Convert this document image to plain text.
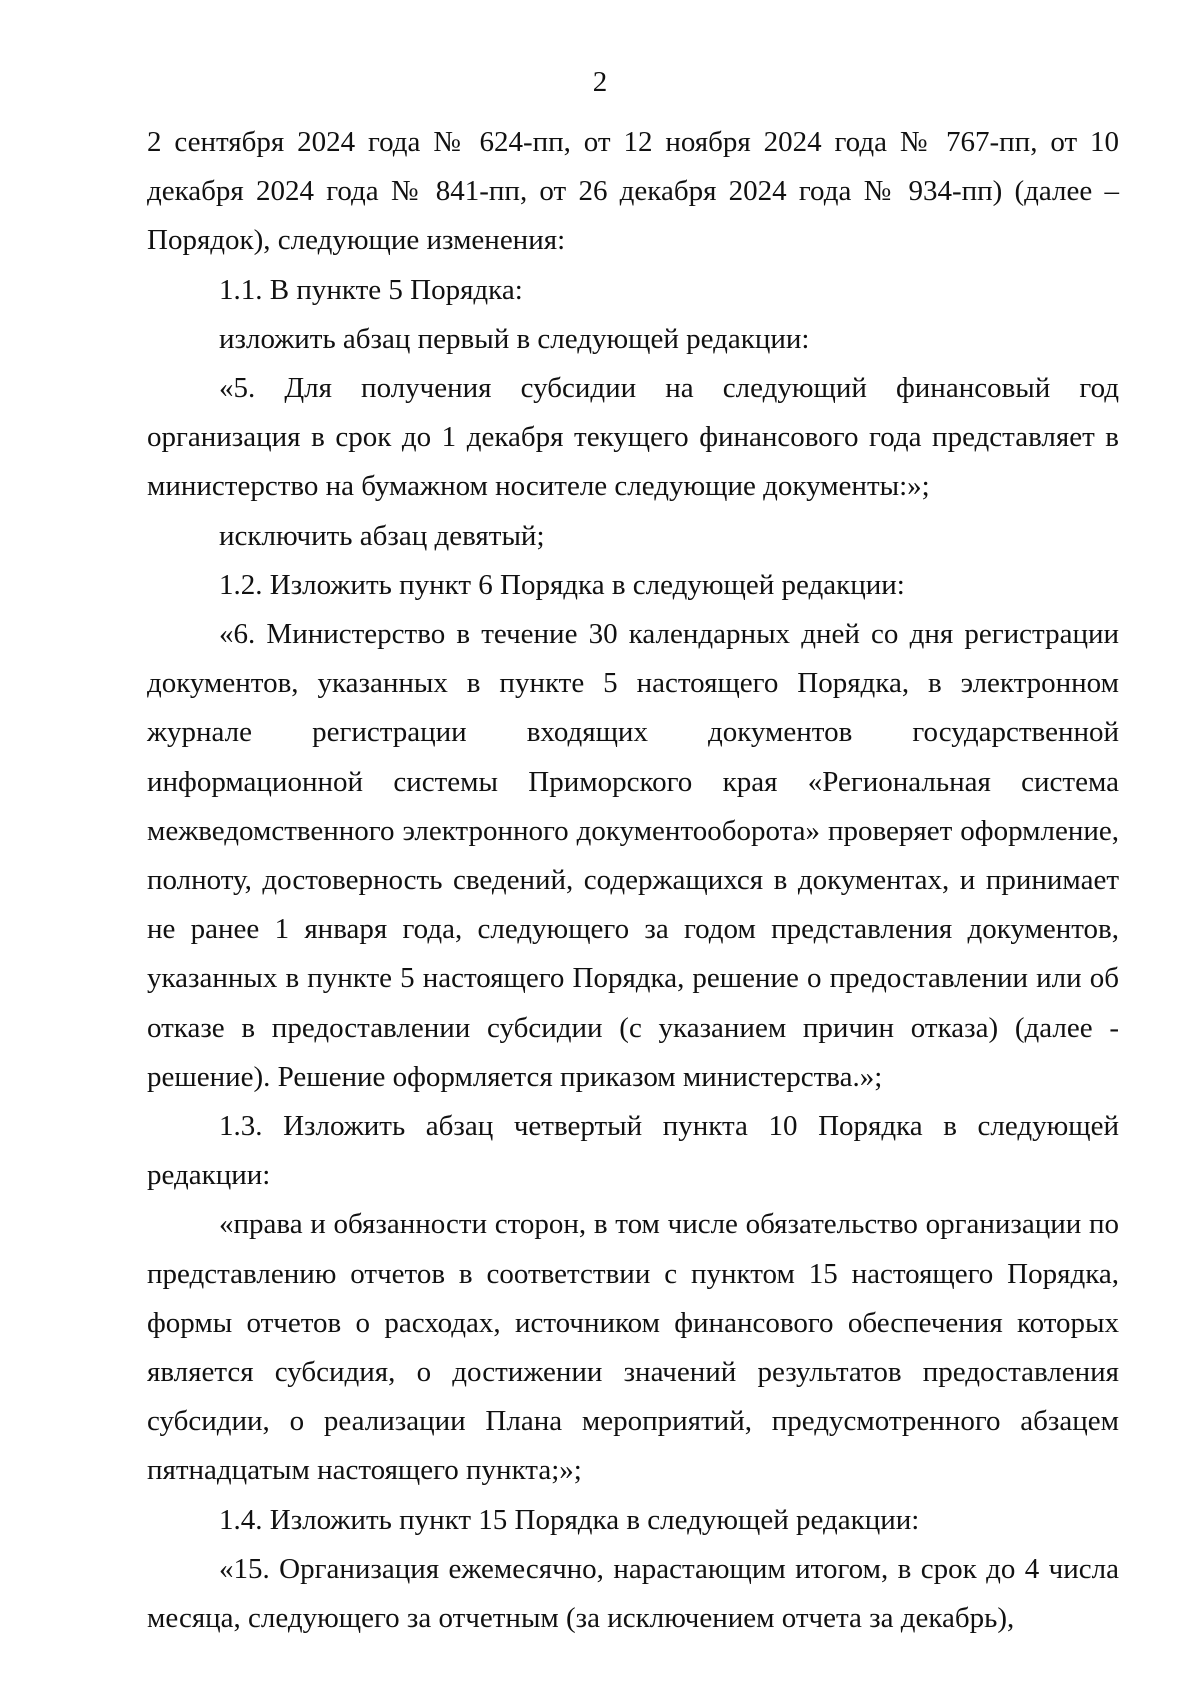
2

2 сентября 2024 года № 624-пп, от 12 ноября 2024 года № 767-пп, от 10 декабря 2024 года № 841-пп, от 26 декабря 2024 года № 934-пп) (далее – Порядок), следующие изменения:

1.1. В пункте 5 Порядка:

изложить абзац первый в следующей редакции:

«5. Для получения субсидии на следующий финансовый год организация в срок до 1 декабря текущего финансового года представляет в министерство на бумажном носителе следующие документы:»;

исключить абзац девятый;

1.2. Изложить пункт 6 Порядка в следующей редакции:

«6. Министерство в течение 30 календарных дней со дня регистрации документов, указанных в пункте 5 настоящего Порядка, в электронном журнале регистрации входящих документов государственной информационной системы Приморского края «Региональная система межведомственного электронного документооборота» проверяет оформление, полноту, достоверность сведений, содержащихся в документах, и принимает не ранее 1 января года, следующего за годом представления документов, указанных в пункте 5 настоящего Порядка, решение о предоставлении или об отказе в предоставлении субсидии (с указанием причин отказа) (далее - решение). Решение оформляется приказом министерства.»;

1.3. Изложить абзац четвертый пункта 10 Порядка в следующей редакции:

«права и обязанности сторон, в том числе обязательство организации по представлению отчетов в соответствии с пунктом 15 настоящего Порядка, формы отчетов о расходах, источником финансового обеспечения которых является субсидия, о достижении значений результатов предоставления субсидии, о реализации Плана мероприятий, предусмотренного абзацем пятнадцатым настоящего пункта;»;

1.4. Изложить пункт 15 Порядка в следующей редакции:

«15. Организация ежемесячно, нарастающим итогом, в срок до 4 числа месяца, следующего за отчетным (за исключением отчета за декабрь),
